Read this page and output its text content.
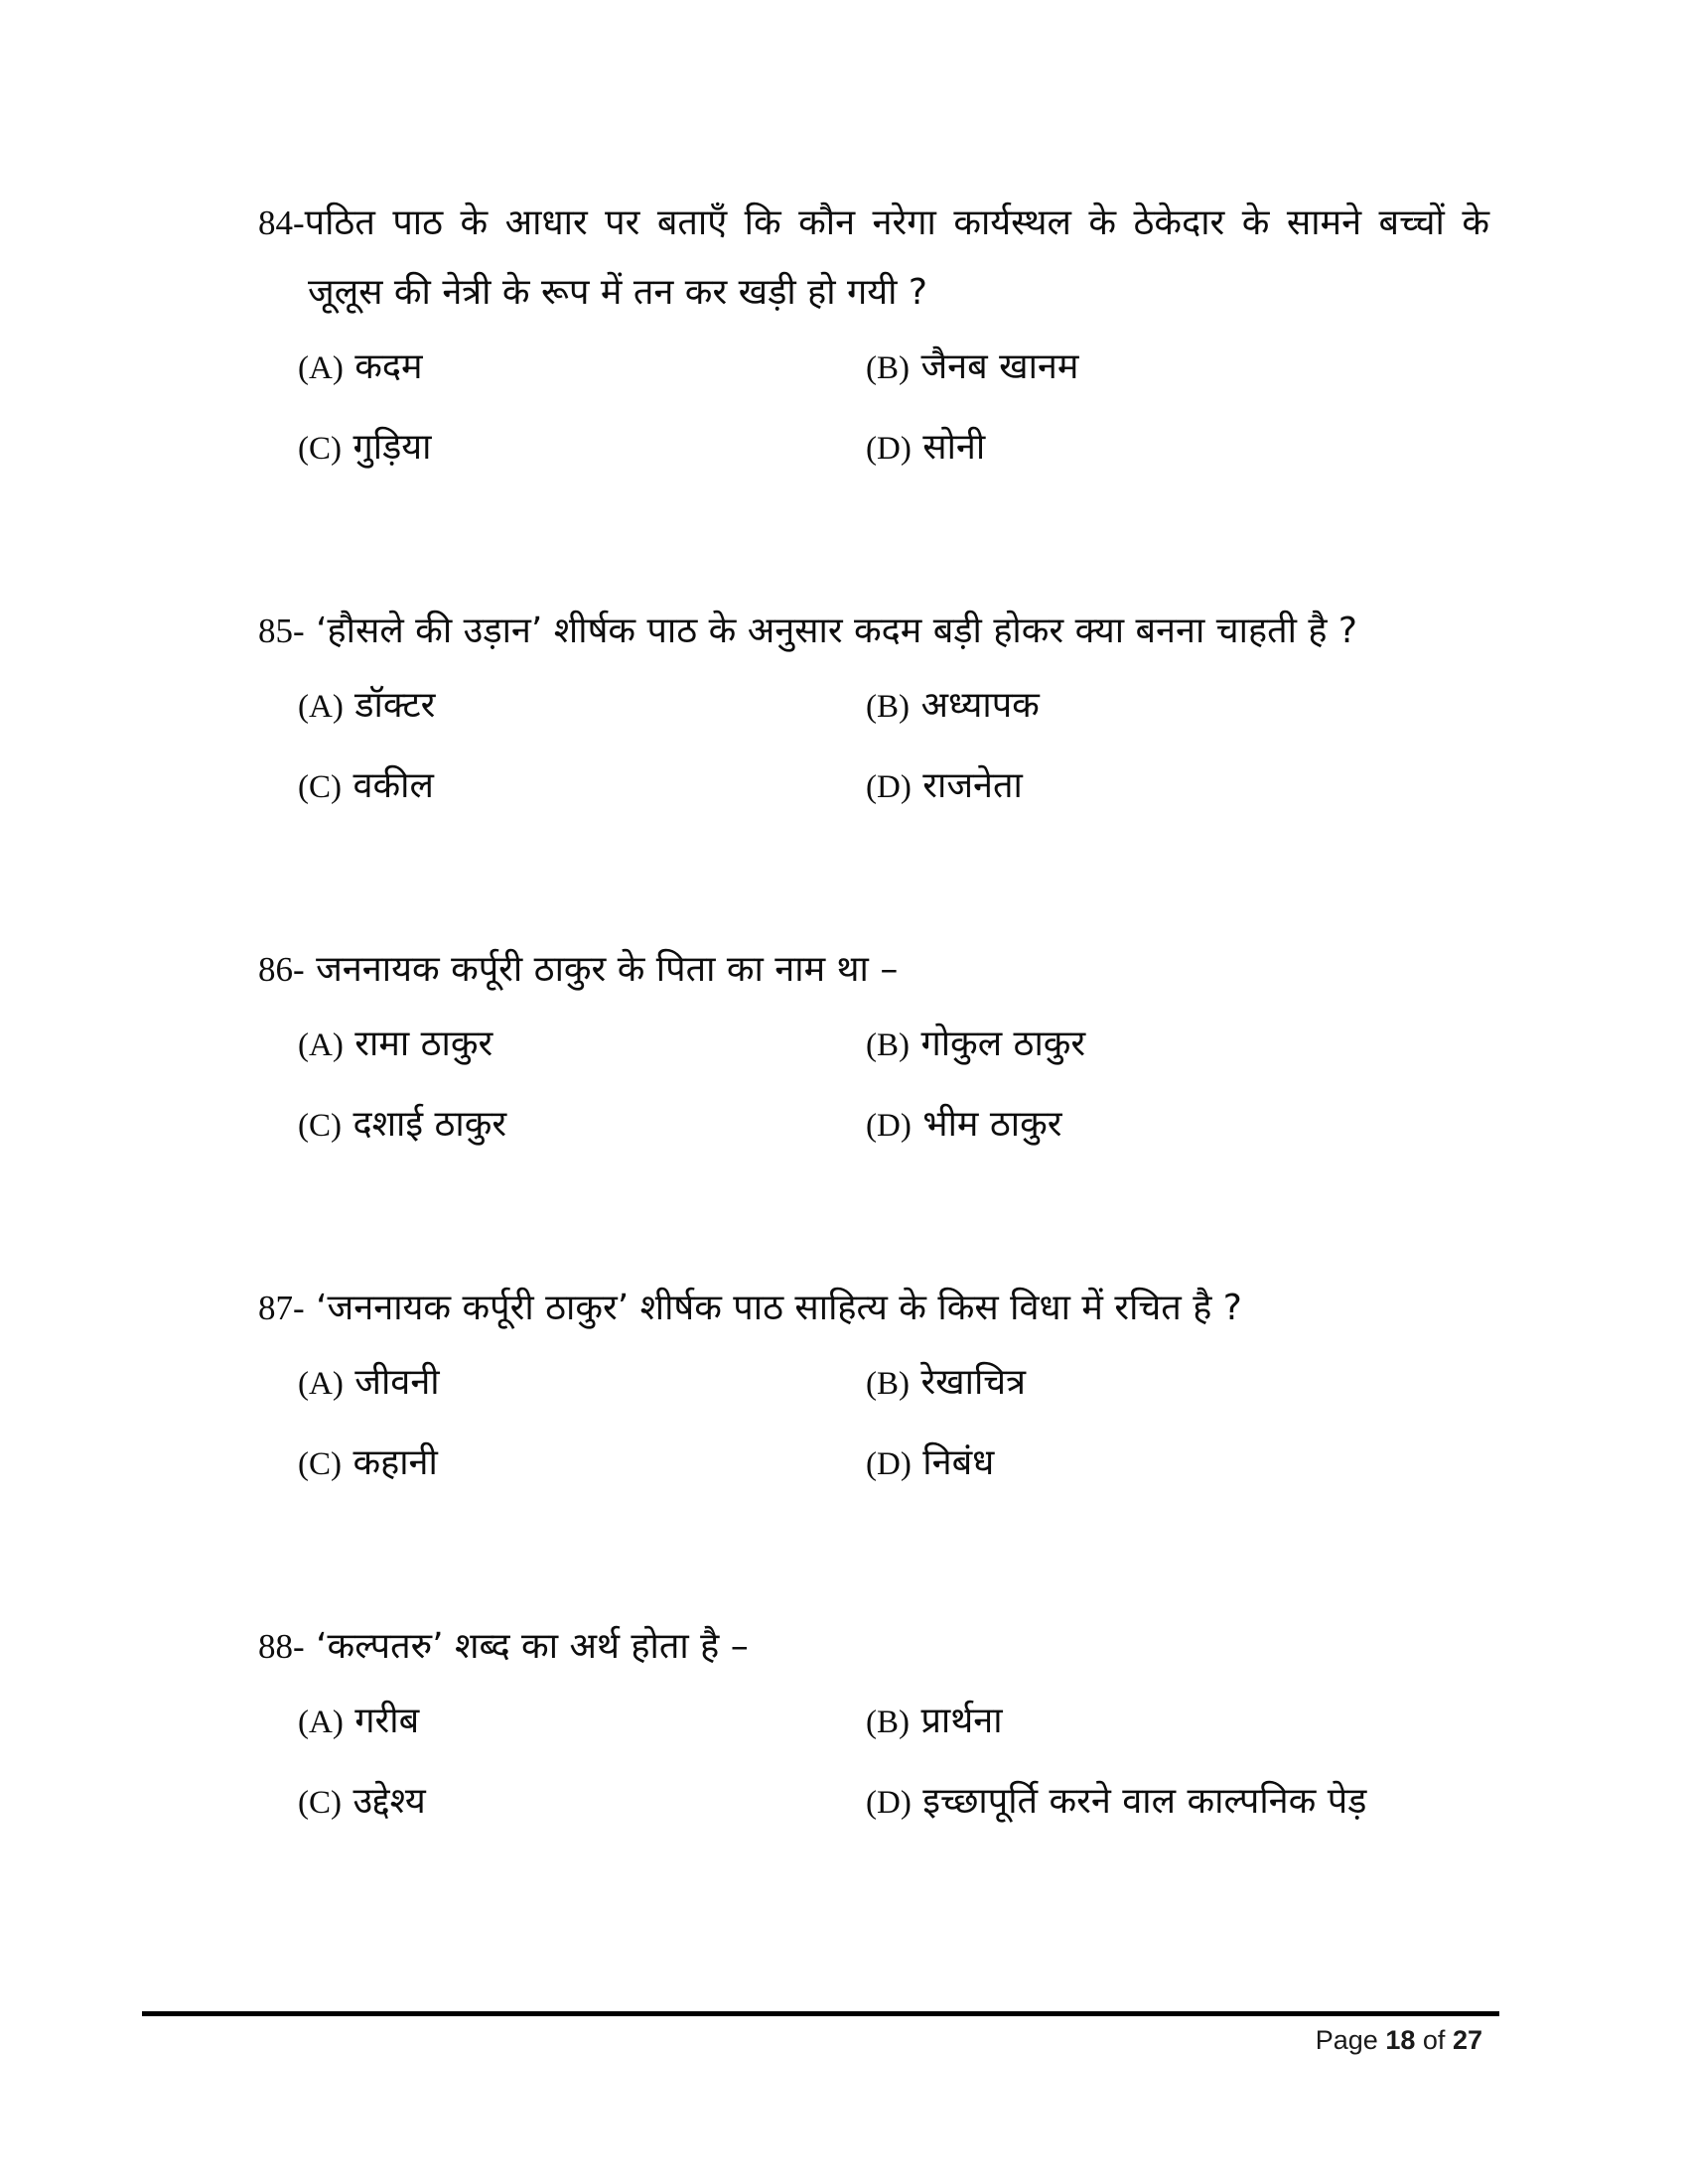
84-पठित पाठ के आधार पर बताएँ कि कौन नरेगा कार्यस्थल के ठेकेदार के सामने बच्चों के
जूलूस की नेत्री के रूप में तन कर खड़ी हो गयी ?
(A) कदम	(B) जैनब खानम
(C) गुड़िया	(D) सोनी
85- ‘हौसले की उड़ान’ शीर्षक पाठ के अनुसार कदम बड़ी होकर क्या बनना चाहती है ?
(A) डॉक्टर	(B) अध्यापक
(C) वकील	(D) राजनेता
86- जननायक कर्पूरी ठाकुर के पिता का नाम था –
(A) रामा ठाकुर	(B) गोकुल ठाकुर
(C) दशाई ठाकुर	(D) भीम ठाकुर
87- ‘जननायक कर्पूरी ठाकुर’ शीर्षक पाठ साहित्य के किस विधा में रचित है ?
(A) जीवनी	(B) रेखाचित्र
(C) कहानी	(D) निबंध
88- ‘कल्पतरु’ शब्द का अर्थ होता है –
(A) गरीब	(B) प्रार्थना
(C) उद्देश्य	(D) इच्छापूर्ति करने वाल काल्पनिक पेड़
Page 18 of 27
